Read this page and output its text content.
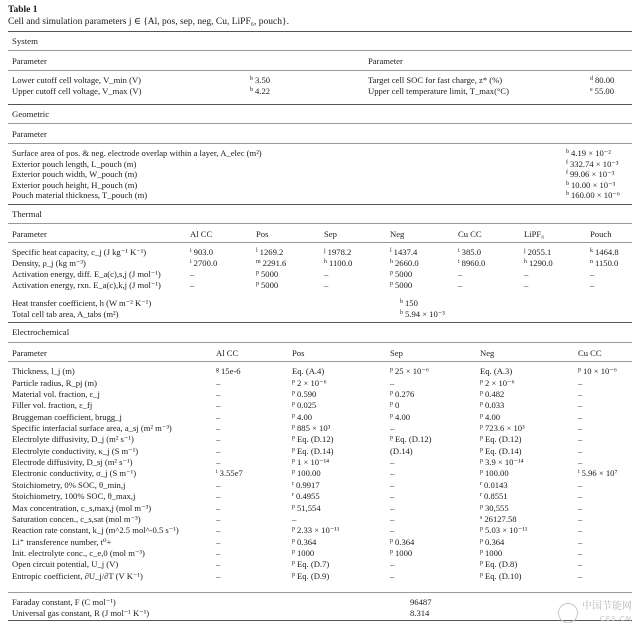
Table 1
Cell and simulation parameters j ∈ {Al, pos, sep, neg, Cu, LiPF₆, pouch}.
System
Parameter	Parameter
Lower cutoff cell voltage, V_min (V)	$^b$ 3.50	Target cell SOC for fast charge, z* (%)	$^d$ 80.00
Upper cutoff cell voltage, V_max (V)	$^b$ 4.22	Upper cell temperature limit, T_max(°C)	$^e$ 55.00
Geometric
Parameter
Surface area of pos. & neg. electrode overlap within a layer, A_elec (m²)	$^b$ 4.19 × 10⁻²
Exterior pouch length, L_pouch (m)	$^f$ 332.74 × 10⁻³
Exterior pouch width, W_pouch (m)	$^f$ 99.06 × 10⁻³
Exterior pouch height, H_pouch (m)	$^b$ 10.00 × 10⁻³
Pouch material thickness, T_pouch (m)	$^b$ 160.00 × 10⁻⁶
Thermal
Parameter	Al CC	Pos	Sep	Neg	Cu CC	LiPF₆	Pouch
Specific heat capacity, c_j (J kg⁻¹ K⁻¹)	$^i$ 903.0	$^l$ 1269.2	$^j$ 1978.2	$^l$ 1437.4	$^i$ 385.0	$^j$ 2055.1	$^k$ 1464.8
Density, ρ_j (kg m⁻³)	$^i$ 2700.0	$^m$ 2291.6	$^h$ 1100.0	$^h$ 2660.0	$^i$ 8960.0	$^h$ 1290.0	$^n$ 1150.0
Activation energy, diff. E_a(c),s,j (J mol⁻¹)	–	$^p$ 5000	–	$^p$ 5000	–	–	–
Activation energy, rxn. E_a(c),k,j (J mol⁻¹)	–	$^p$ 5000	–	$^p$ 5000	–	–	–
Heat transfer coefficient, h (W m⁻² K⁻¹)	$^b$ 150
Total cell tab area, A_tabs (m²)	$^b$ 5.94 × 10⁻³
Electrochemical
Parameter	Al CC	Pos	Sep	Neg	Cu CC
Thickness, l_j (m)	$^g$ 15e-6	Eq. (A.4)	$^p$ 25 × 10⁻⁶	Eq. (A.3)	$^p$ 10 × 10⁻⁶
Particle radius, R_pj (m)	–	$^p$ 2 × 10⁻⁶	–	$^p$ 2 × 10⁻⁶	–
Material vol. fraction, ε_j	–	$^p$ 0.590	$^p$ 0.276	$^p$ 0.482	–
Filler vol. fraction, ε_fj	–	$^p$ 0.025	$^p$ 0	$^p$ 0.033	–
Bruggeman coefficient, brugg_j	–	$^p$ 4.00	$^p$ 4.00	$^p$ 4.00	–
Specific interfacial surface area, a_sj (m² m⁻³)	–	$^p$ 885 × 10³	–	$^p$ 723.6 × 10³	–
Electrolyte diffusivity, D_j (m² s⁻¹)	–	$^p$ Eq. (D.12)	$^p$ Eq. (D.12)	$^p$ Eq. (D.12)	–
Electrolyte conductivity, κ_j (S m⁻¹)	–	$^p$ Eq. (D.14)	(D.14)	$^p$ Eq. (D.14)	–
Electrode diffusivity, D_sj (m² s⁻¹)	–	$^p$ 1 × 10⁻¹⁴	–	$^p$ 3.9 × 10⁻¹⁴	–
Electronic conductivity, σ_j (S m⁻¹)	$^i$ 3.55e7	$^p$ 100.00	–	$^p$ 100.00	$^i$ 5.96 × 10⁷
Stoichiometry, 0% SOC, θ_min,j	–	$^r$ 0.9917	–	$^r$ 0.0143	–
Stoichiometry, 100% SOC, θ_max,j	–	$^r$ 0.4955	–	$^r$ 0.8551	–
Max concentration, c_s,max,j (mol m⁻³)	–	$^p$ 51,554	–	$^p$ 30,555	–
Saturation concen., c_s,sat (mol m⁻³)	–	–	–	$^s$ 26127.58	–
Reaction rate constant, k_j (m^2.5 mol^-0.5 s⁻¹)	–	$^p$ 2.33 × 10⁻¹¹	–	$^p$ 5.03 × 10⁻¹¹	–
Li⁺ transference number, t⁰+	–	$^p$ 0.364	$^p$ 0.364	$^p$ 0.364	–
Init. electrolyte conc., c_e,0 (mol m⁻³)	–	$^p$ 1000	$^p$ 1000	$^p$ 1000	–
Open circuit potential, U_j (V)	–	$^p$ Eq. (D.7)	–	$^p$ Eq. (D.8)	–
Entropic coefficient, ∂U_j/∂T (V K⁻¹)	–	$^p$ Eq. (D.9)	–	$^p$ Eq. (D.10)	–
Faraday constant, F (C mol⁻¹)	96487
Universal gas constant, R (J mol⁻¹ K⁻¹)	8.314
中国节能网
CES.CN
